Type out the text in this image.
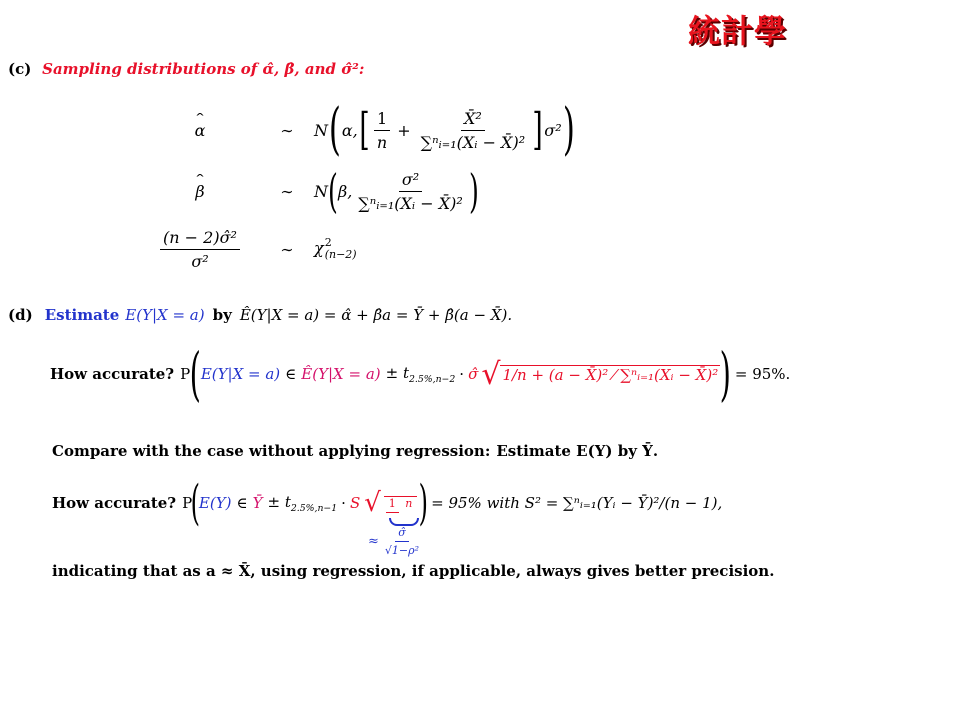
統計學
(c) Sampling distributions of α̂, β̂, and σ̂²:
ˆ α	∼	N ( α, [ $\frac{1}{n} + \frac{\text{X̄²}}{\text{∑ⁿᵢ₌₁(Xᵢ − X̄)²}}$ ] σ² )
ˆ β	∼	N ( β, $\frac{\text{σ²}}{\text{∑ⁿᵢ₌₁(Xᵢ − X̄)²}}$ )
$\frac{\text{(n − 2)σ̂²}}{\text{σ²}}$	∼	χ 2
(n−2)
(d) Estimate E(Y|X = a) by Ê(Y|X = a) = α̂ + β̂a = Ȳ + β̂(a − X̄).
How accurate? P ( E(Y|X = a) ∈ Ê(Y|X = $a) \pm t_{2.5\%,n-2}$ · σ̂ √ 1/n + (a − X̄)² ⁄ ∑ⁿᵢ₌₁(Xᵢ − X̄)² ) = 95%.
Compare with the case without applying regression: Estimate E(Y) by Ȳ.
How accurate? P
(
E(Y) ∈ Ȳ ± $t_{2.5\%,n-1} \cdot S$ √ 1 n ) = 95% with S² = ∑ⁿᵢ₌₁(Yᵢ − Ȳ)²/(n − 1),
≈ $\frac{\sigmâ}{\text{√1−ρ²}}$
indicating that as a ≈ X̄, using regression, if applicable, always gives better precision.
